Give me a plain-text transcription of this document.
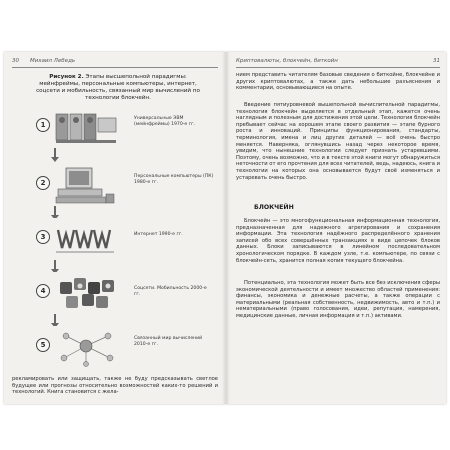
30 Михаил Лебедь
Рисунок 2. Этапы высшепольной парадигмы: мейнфреймы, персональные компьютеры, интернет, соцсети и мобильность, связанный мир вычислений по технологии блокчейн.
1
Универсальные ЭВМ (мейнфреймы) 1970-е гг.
2
Персональные компьютеры (ПК) 1980-е гг.
3	Интернет 1990-е гг.
4	Соцсети. Мобильность 2000-е гг.
5
Связанный мир вычислений 2010-е гг.
рекламировать или защищать, также не буду предсказывать светлое будущее или прогнозы относительно возможностей каких-то решений и технологий. Книга становится с жела-
Криптовалюты, блокчейн, биткойн	31
нием представить читателям базовые сведения о биткойне, блокчейне и других криптовалютах, а также дать небольшие разъяснения и комментарии, основывающиеся на опыте.
Введение пятиуровневой вышепольной вычислительной парадигмы, технология блокчейн выделяется в отдельный этап, кажется очень наглядным и полезным для достижения этой цели. Технология блокчейн пребывает сейчас на хорошем этапе своего развития — этапе бурного роста и инноваций. Принципы функционирования, стандарты, терминология, имена и лиц других деталей — всё очень быстро меняется. Наверняка, оглянувшись назад через некоторое время, увидим, что нынешние технологии следует признать устаревшими. Поэтому, очень возможно, что и в тексте этой книги могут обнаружиться неточности от его прочтения для всех читателей, ведь, надеюсь, книга и технологии на которых она основывается будут своё изменяться и устаревать очень быстро.
БЛОКЧЕЙН
Блокчейн — это многофункциональная информационная технология, предназначенная для надежного агрегирования и сохранения информации. Эта технология надёжного распределённого хранения записей обо всех совершённых транзакциях в виде цепочек блоков данных. Блоки записываются в линейном последовательном хронологическом порядке. В каждом узле, т.е. компьютере, по связи с блокчейн-сеть, хранится полная копия текущего блокчейна.
Потенциально, эта технология может быть все без исключения сферы экономической деятельности и имеет множество областей применения: финансы, экономика и денежные расчеты, а также операции с материальными (реальная собственность, недвижимость, авто и т.п.) и нематериальными (право голосования, идеи, репутация, намерения, медицинские данные, личная информация и т.п.) активами.
